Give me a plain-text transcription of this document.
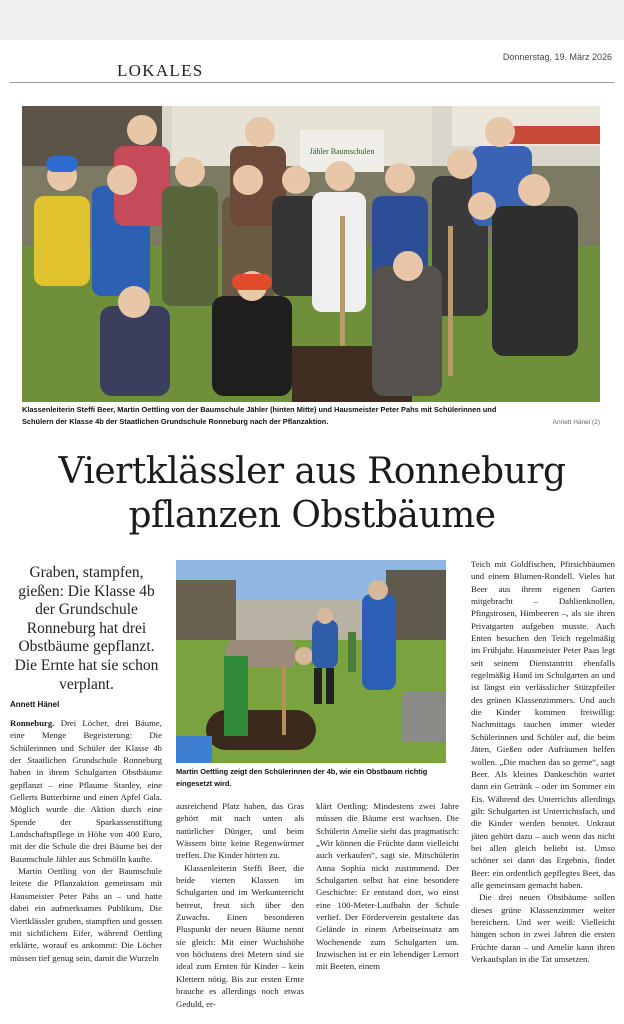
Donnerstag, 19. März 2026
LOKALES
Jähler Baumschulen
Klassenleiterin Steffi Beer, Martin Oettling von der Baumschule Jähler (hinten Mitte) und Hausmeister Peter Pahs mit Schülerinnen und Schülern der Klasse 4b der Staatlichen Grundschule Ronneburg nach der Pflanzaktion.	Annett Hänel (2)
Viertklässler aus Ronneburg
pflanzen Obstbäume
Graben, stampfen, gießen: Die Klasse 4b der Grundschule Ronneburg hat drei Obstbäume gepflanzt. Die Ernte hat sie schon verplant.
Annett Hänel

Ronneburg. Drei Löcher, drei Bäume, eine Menge Begeisterung: Die Schülerinnen und Schüler der Klasse 4b der Staatlichen Grundschule Ronneburg haben in ihrem Schulgarten Obstbäume gepflanzt – eine Pflaume Stanley, eine Gellerts Butterbirne und einen Apfel Gala. Möglich wurde die Aktion durch eine Spende der Sparkassenstiftung Landschaftspflege in Höhe von 400 Euro, mit der die Schule die drei Bäume bei der Baumschule Jähler aus Schmölln kaufte.

Martin Oettling von der Baumschule leitete die Pflanzaktion gemeinsam mit Hausmeister Peter Pahs an – und hatte dabei ein aufmerksames Publikum. Die Viertklässler gruben, stampften und gossen mit sichtlichem Eifer, während Oettling erklärte, worauf es ankommt: Die Löcher müssen tief genug sein, damit die Wurzeln

Martin Oettling zeigt den Schülerinnen der 4b, wie ein Obstbaum richtig eingesetzt wird.

ausreichend Platz haben, das Gras gehört mit nach unten als natürlicher Dünger, und beim Wässern bitte keine Regenwürmer treffen. Die Kinder hörten zu.

Klassenleiterin Steffi Beer, die beide vierten Klassen im Schulgarten und im Werkunterricht betreut, freut sich über den Zuwachs. Einen besonderen Pluspunkt der neuen Bäume nennt sie gleich: Mit einer Wuchshöhe von höchstens drei Metern sind sie ideal zum Ernten für Kinder – kein Klettern nötig. Bis zur ersten Ernte brauche es allerdings noch etwas Geduld, er-

klärt Oettling: Mindestens zwei Jahre müssen die Bäume erst wachsen. Die Schülerin Amelie sieht das pragmatisch: „Wir können die Früchte dann vielleicht auch verkaufen“, sagt sie. Mitschülerin Anna Sophia nickt zustimmend. Der Schulgarten selbst hat eine besondere Geschichte: Er entstand dort, wo einst eine 100-Meter-Laufbahn der Schule verlief. Der Förderverein gestaltete das Gelände in einem Arbeitseinsatz am Wochenende zum Schulgarten um. Inzwischen ist er ein lebendiger Lernort mit Beeten, einem

Teich mit Goldfischen, Pfirsichbäumen und einem Blumen-Rondell. Vieles hat Beer aus ihrem eigenen Garten mitgebracht – Dahlienknollen, Pfingstrosen, Himbeeren –, als sie ihren Privatgarten aufgeben musste. Auch Enten besuchen den Teich regelmäßig im Frühjahr. Hausmeister Peter Paas legt seit seinem Dienstantritt ebenfalls regelmäßig Hand im Schulgarten an und ist längst ein verlässlicher Stützpfeiler des grünen Klassenzimmers. Und auch die Kinder kommen freiwillig: Nachmittags tauchen immer wieder Schülerinnen und Schüler auf, die beim Jäten, Gießen oder Aufräumen helfen wollen. „Die machen das so gerne“, sagt Beer. Als kleines Dankeschön wartet dann ein Getränk – oder im Sommer ein Eis. Während des Unterrichts allerdings gilt: Schulgarten ist Unterrichtsfach, und die Kinder werden benotet. Unkraut jäten gehört dazu – auch wenn das nicht bei allen gleich beliebt ist. Umso schöner sei dann das Ergebnis, findet Beer: ein ordentlich gepflegtes Beet, das alle gemeinsam gemacht haben.

Die drei neuen Obstbäume sollen dieses grüne Klassenzimmer weiter bereichern. Und wer weiß: Vielleicht hängen schon in zwei Jahren die ersten Früchte daran – und Amelie kann ihren Verkaufsplan in die Tat umsetzen.
